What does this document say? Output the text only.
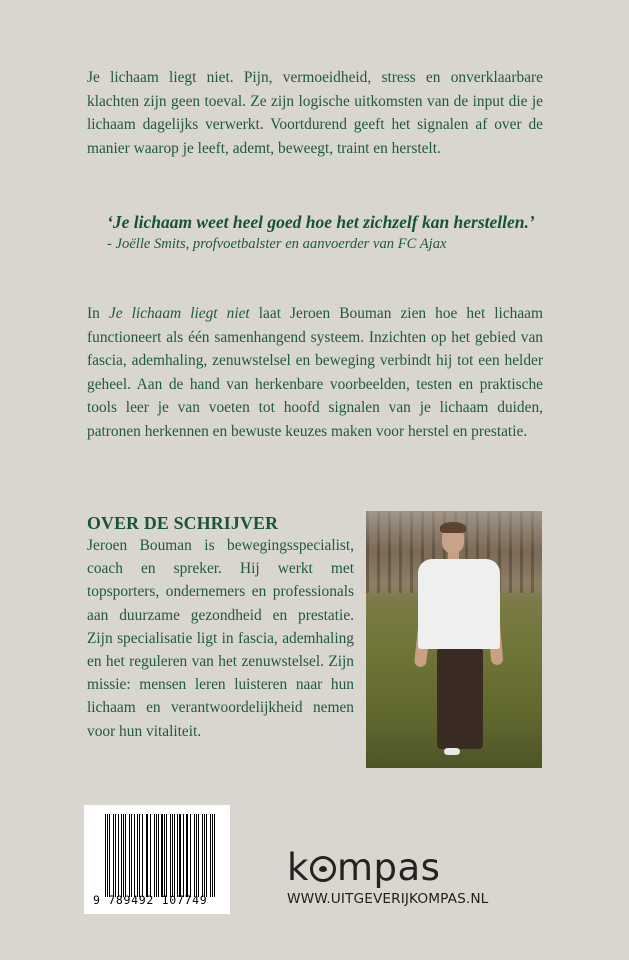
Je lichaam liegt niet. Pijn, vermoeidheid, stress en onverklaarbare klachten zijn geen toeval. Ze zijn logische uitkomsten van de input die je lichaam dagelijks verwerkt. Voortdurend geeft het signalen af over de manier waarop je leeft, ademt, beweegt, traint en herstelt.
‘Je lichaam weet heel goed hoe het zichzelf kan herstellen.’
- Joëlle Smits, profvoetbalster en aanvoerder van FC Ajax
In Je lichaam liegt niet laat Jeroen Bouman zien hoe het lichaam functioneert als één samenhangend systeem. Inzichten op het gebied van fascia, ademhaling, zenuwstelsel en beweging verbindt hij tot een helder geheel. Aan de hand van herkenbare voorbeelden, testen en praktische tools leer je van voeten tot hoofd signalen van je lichaam duiden, patronen herkennen en bewuste keuzes maken voor herstel en prestatie.
OVER DE SCHRIJVER
Jeroen Bouman is bewegingsspecialist, coach en spreker. Hij werkt met topsporters, ondernemers en professionals aan duurzame gezondheid en prestatie. Zijn specialisatie ligt in fascia, ademhaling en het reguleren van het zenuwstelsel. Zijn missie: mensen leren luisteren naar hun lichaam en verantwoordelijkheid nemen voor hun vitaliteit.
9 789492 107749
k mpas
WWW.UITGEVERIJKOMPAS.NL
